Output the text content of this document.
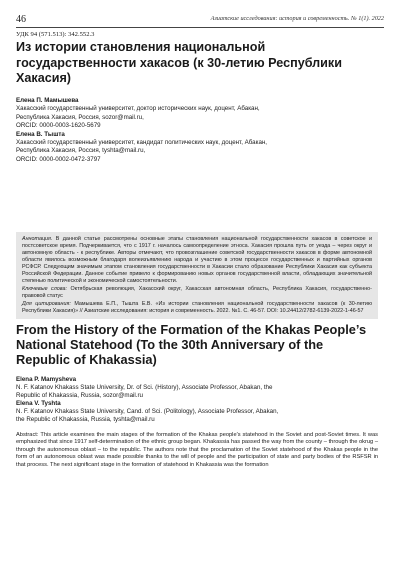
46	Азиатские исследования: история и современность. № 1(1). 2022
УДК 94 (571.513): 342.552.3
Из истории становления национальной государственности хакасов (к 30-летию Республики Хакасия)
Елена П. Мамышева
Хакасский государственный университет, доктор исторических наук, доцент, Абакан,
Республика Хакасия, Россия, sozor@mail.ru,
ORCID: 0000-0003-1620-5679
Елена В. Тышта
Хакасский государственный университет, кандидат политических наук, доцент, Абакан,
Республика Хакасия, Россия, tyshta@mail.ru,
ORCID: 0000-0002-0472-3797

Аннотация. В данной статье рассмотрены основные этапы становления национальной государственности хакасов в советское и постсоветское время. Подчеркивается, что с 1917 г. началось самоопределение этноса. Хакасия прошла путь от уезда – через округ и автономную область - к республике. Авторы отмечают, что провозглашение советской государственности хакасов в форме автономной области явилось возможным благодаря волеизъявлению народа и участию в этом процессе государственных и партийных органов РСФСР. Следующим значимым этапом становления государственности в Хакасии стало образование Республики Хакасия как субъекта Российской Федерации. Данное событие привело к формированию новых органов государственной власти, обладающих значительной степенью политической и экономической самостоятельности.

Ключевые слова: Октябрьская революция, Хакасский округ, Хакасская автономная область, Республика Хакасия, государственно-правовой статус

Для цитирования: Мамышева Е.П., Тышта Е.В. «Из истории становления национальной государственности хакасов (к 30-летию Республики Хакасия)» // Азиатские исследования: история и современность. 2022. №1. С. 46-57. DOI: 10.24412/2782-6139-2022-1-46-57

From the History of the Formation of the Khakas People’s National Statehood (To the 30th Anniversary of the Republic of Khakassia)
Elena P. Mamysheva
N. F. Katanov Khakass State University, Dr. of Sci. (History), Associate Professor, Abakan, the
Republic of Khakassia, Russia, sozor@mail.ru
Elena V. Tyshta
N. F. Katanov Khakass State University, Cand. of Sci. (Politology), Associate Professor, Abakan,
the Republic of Khakassia, Russia, tyshta@mail.ru
Abstract: This article examines the main stages of the formation of the Khakas people's statehood in the Soviet and post-Soviet times. It was emphasized that since 1917 self-determination of the ethnic group began. Khakassia has passed the way from the county – through the okrug – through the autonomous oblast – to the republic. The authors note that the proclamation of the Soviet statehood of the Khakas people in the form of an autonomous oblast was made possible thanks to the will of people and the participation of state and party bodies of the RSFSR in that process. The next significant stage in the formation of statehood in Khakassia was the formation
